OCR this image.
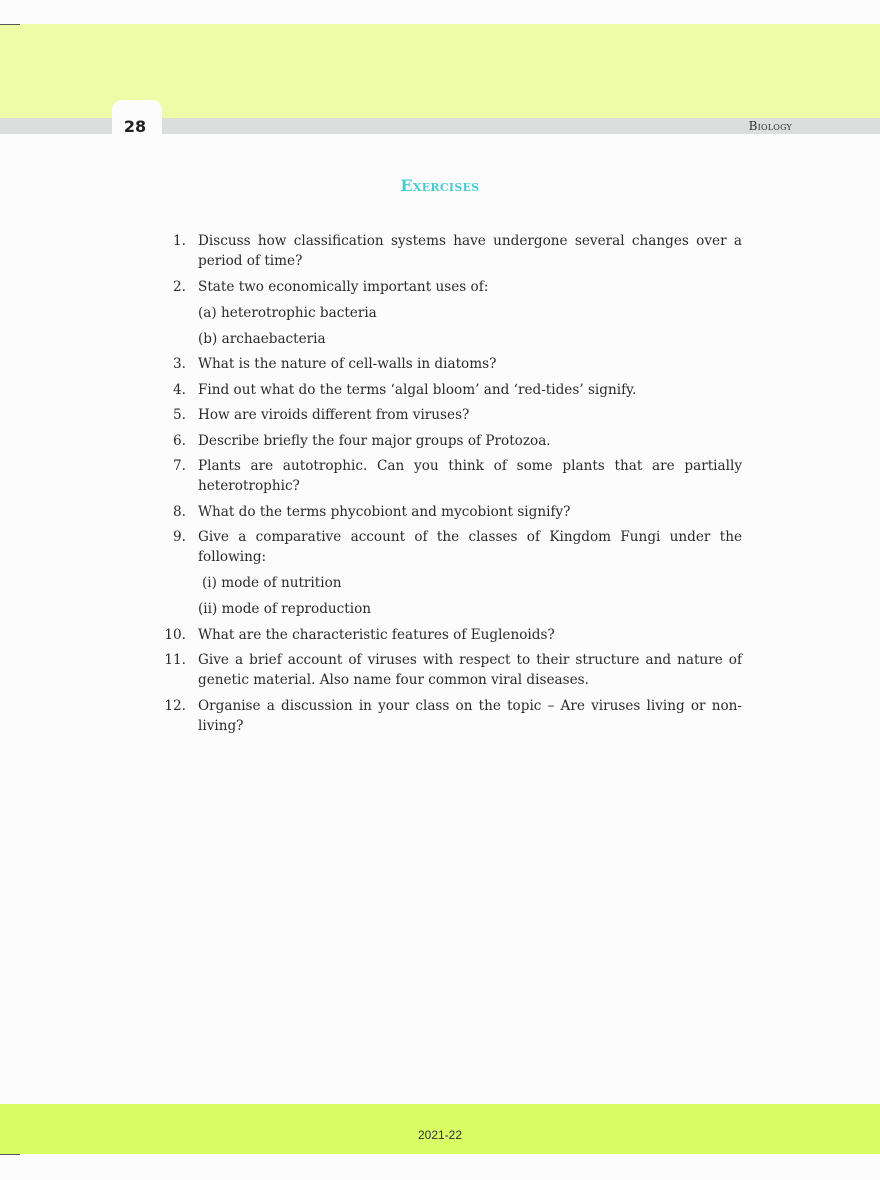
28	Biology
Exercises
1. Discuss how classification systems have undergone several changes over a period of time?
2. State two economically important uses of:
(a) heterotrophic bacteria
(b) archaebacteria
3. What is the nature of cell-walls in diatoms?
4. Find out what do the terms ‘algal bloom’ and ‘red-tides’ signify.
5. How are viroids different from viruses?
6. Describe briefly the four major groups of Protozoa.
7. Plants are autotrophic. Can you think of some plants that are partially heterotrophic?
8. What do the terms phycobiont and mycobiont signify?
9. Give a comparative account of the classes of Kingdom Fungi under the following:
(i) mode of nutrition
(ii) mode of reproduction
10. What are the characteristic features of Euglenoids?
11. Give a brief account of viruses with respect to their structure and nature of genetic material. Also name four common viral diseases.
12. Organise a discussion in your class on the topic – Are viruses living or non-living?
2021-22
